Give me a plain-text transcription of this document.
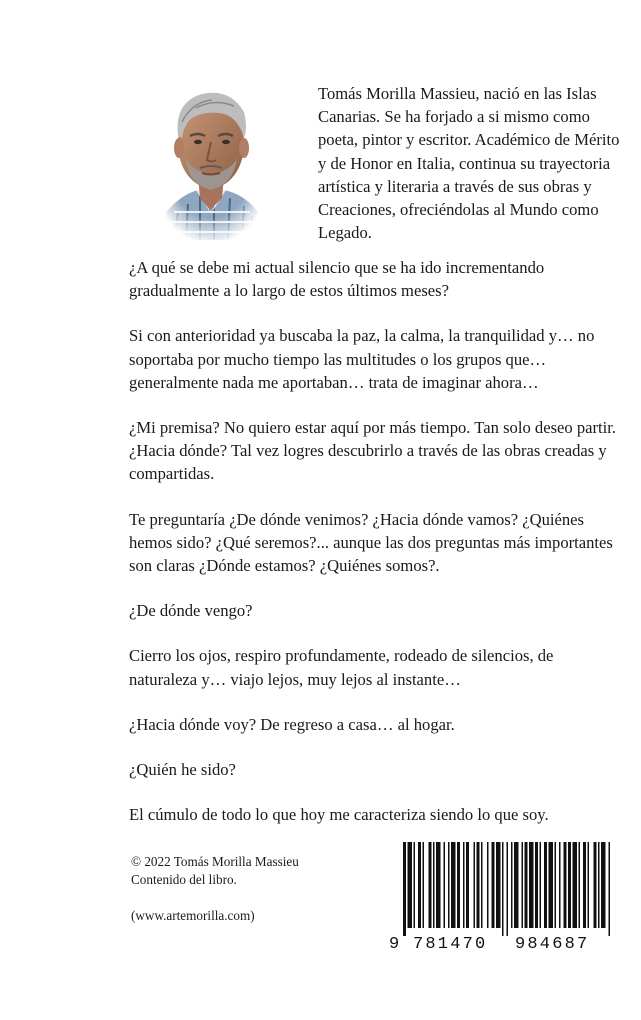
Tomás Morilla Massieu, nació en las Islas Canarias. Se ha forjado a si mismo como poeta, pintor y escritor. Académico de Mérito y de Honor en Italia, continua su trayectoria artística y literaria a través de sus obras y Creaciones, ofreciéndolas al Mundo como Legado.

¿A qué se debe mi actual silencio que se ha ido incrementando gradualmente a lo largo de estos últimos meses?

Si con anterioridad ya buscaba la paz, la calma, la tranquilidad y… no soportaba por mucho tiempo las multitudes o los grupos que… generalmente nada me aportaban… trata de imaginar ahora…

¿Mi premisa? No quiero estar aquí por más tiempo. Tan solo deseo partir. ¿Hacia dónde? Tal vez logres descubrirlo a través de las obras creadas y compartidas.

Te preguntaría ¿De dónde venimos? ¿Hacia dónde vamos? ¿Quiénes hemos sido? ¿Qué seremos?... aunque las dos preguntas más importantes son claras ¿Dónde estamos? ¿Quiénes somos?.

¿De dónde vengo?

Cierro los ojos, respiro profundamente, rodeado de silencios, de naturaleza y… viajo lejos, muy lejos al instante…

¿Hacia dónde voy? De regreso a casa… al hogar.

¿Quién he sido?

El cúmulo de todo lo que hoy me caracteriza siendo lo que soy.

© 2022 Tomás Morilla Massieu
Contenido del libro.
(www.artemorilla.com)
9 781470 984687
